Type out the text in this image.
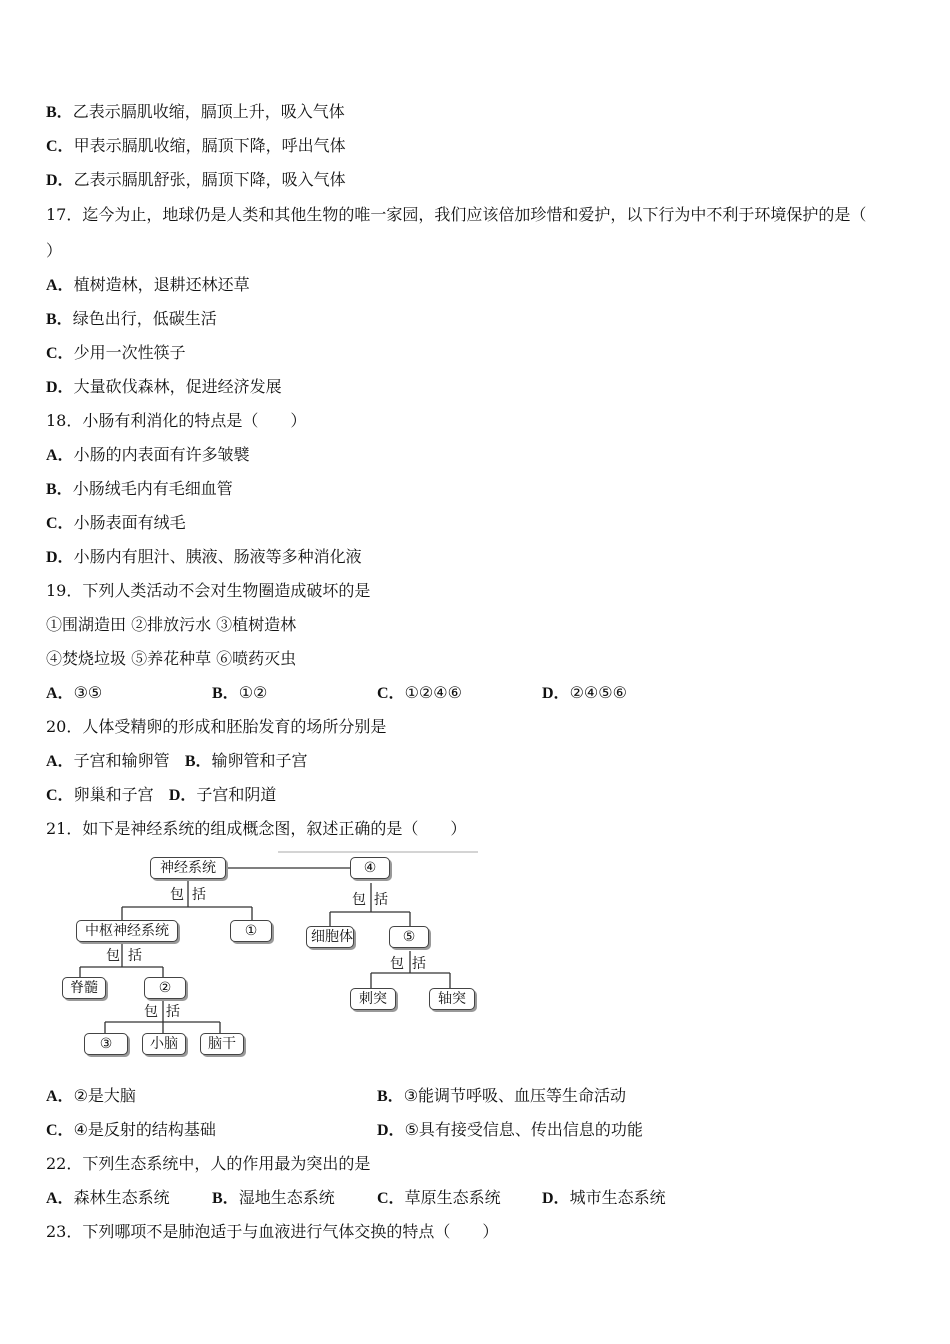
B．乙表示膈肌收缩，膈顶上升，吸入气体
C．甲表示膈肌收缩，膈顶下降，呼出气体
D．乙表示膈肌舒张，膈顶下降，吸入气体
17．迄今为止，地球仍是人类和其他生物的唯一家园，我们应该倍加珍惜和爱护，以下行为中不利于环境保护的是（
）
A．植树造林，退耕还林还草
B．绿色出行，低碳生活
C．少用一次性筷子
D．大量砍伐森林，促进经济发展
18．小肠有利消化的特点是（　　）
A．小肠的内表面有许多皱襞
B．小肠绒毛内有毛细血管
C．小肠表面有绒毛
D．小肠内有胆汁、胰液、肠液等多种消化液
19．下列人类活动不会对生物圈造成破坏的是
①围湖造田 ②排放污水 ③植树造林
④焚烧垃圾 ⑤养花种草 ⑥喷药灭虫
A．③⑤	B．①②	C．①②④⑥	D．②④⑤⑥
20．人体受精卵的形成和胚胎发育的场所分别是
A．子宫和输卵管 B．输卵管和子宫
C．卵巢和子宫 D．子宫和阴道
21．如下是神经系统的组成概念图，叙述正确的是（　　）
神经系统	④
包 括	包 括
中枢神经系统	①	细胞体	⑤
包 括	包 括
脊髓	②
刺突	轴突
包 括
③	小脑	脑干
A．②是大脑	B．③能调节呼吸、血压等生命活动
C．④是反射的结构基础	D．⑤具有接受信息、传出信息的功能
22．下列生态系统中，人的作用最为突出的是
A．森林生态系统	B．湿地生态系统	C．草原生态系统	D．城市生态系统
23．下列哪项不是肺泡适于与血液进行气体交换的特点（　　）
